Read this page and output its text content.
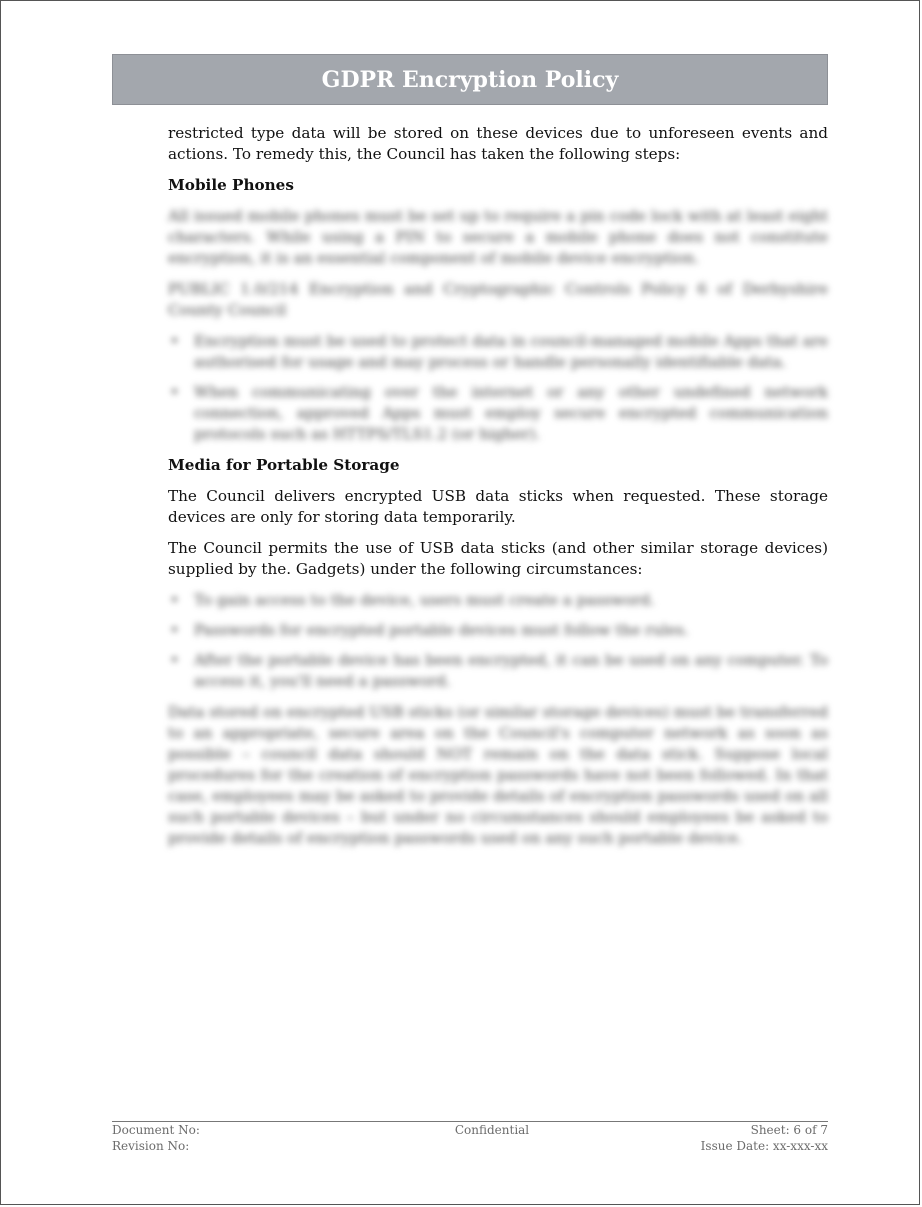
GDPR Encryption Policy

restricted type data will be stored on these devices due to unforeseen events and actions. To remedy this, the Council has taken the following steps:

Mobile Phones

All issued mobile phones must be set up to require a pin code lock with at least eight characters. While using a PIN to secure a mobile phone does not constitute encryption, it is an essential component of mobile device encryption.

PUBLIC 1.0/214 Encryption and Cryptographic Controls Policy 6 of Derbyshire County Council

• Encryption must be used to protect data in council-managed mobile Apps that are authorised for usage and may process or handle personally identifiable data.
• When communicating over the internet or any other undefined network connection, approved Apps must employ secure encrypted communication protocols such as HTTPS/TLS1.2 (or higher).
Media for Portable Storage

The Council delivers encrypted USB data sticks when requested. These storage devices are only for storing data temporarily.

The Council permits the use of USB data sticks (and other similar storage devices) supplied by the. Gadgets) under the following circumstances:

• To gain access to the device, users must create a password.
• Passwords for encrypted portable devices must follow the rules.
• After the portable device has been encrypted, it can be used on any computer. To access it, you'll need a password.

Data stored on encrypted USB sticks (or similar storage devices) must be transferred to an appropriate, secure area on the Council's computer network as soon as possible – council data should NOT remain on the data stick. Suppose local procedures for the creation of encryption passwords have not been followed. In that case, employees may be asked to provide details of encryption passwords used on all such portable devices – but under no circumstances should employees be asked to provide details of encryption passwords used on any such portable device.

Document No:
Revision No:
Confidential	Sheet: 6 of 7
Issue Date: xx-xxx-xx
